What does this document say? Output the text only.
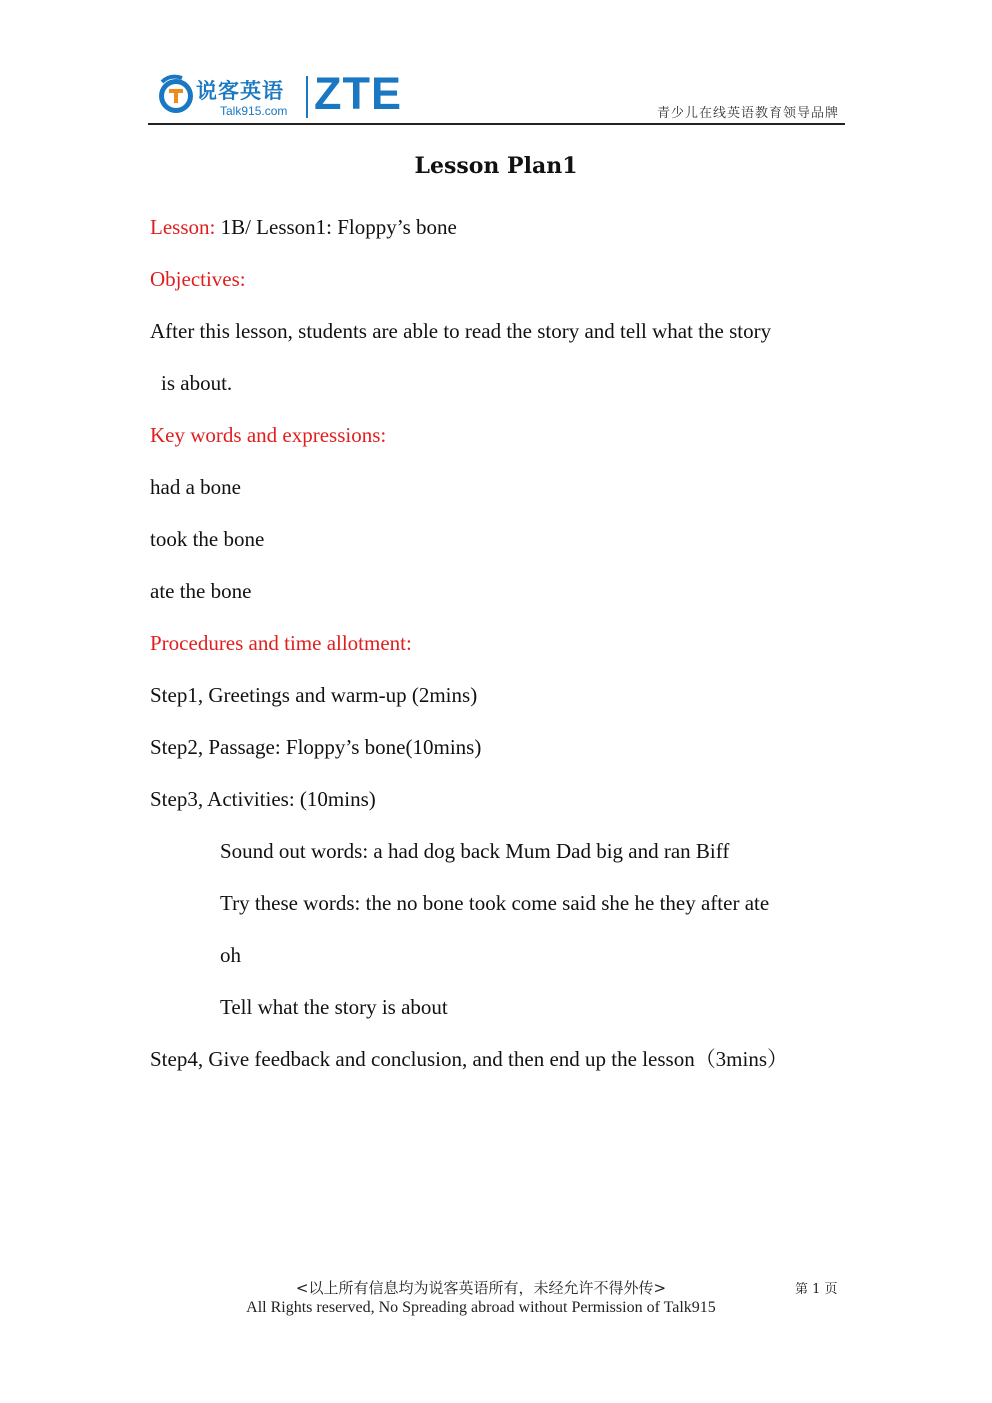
说客英语
Talk915.com ZTE	青少儿在线英语教育领导品牌
Lesson Plan1
Lesson: 1B/ Lesson1: Floppy’s bone
Objectives:
After this lesson, students are able to read the story and tell what the story
is about.
Key words and expressions:
had a bone
took the bone
ate the bone
Procedures and time allotment:
Step1, Greetings and warm-up (2mins)
Step2, Passage: Floppy’s bone(10mins)
Step3, Activities: (10mins)
Sound out words: a had dog back Mum Dad big and ran Biff
Try these words: the no bone took come said she he they after ate
oh
Tell what the story is about
Step4, Give feedback and conclusion, and then end up the lesson（3mins）
<以上所有信息均为说客英语所有，未经允许不得外传>
All Rights reserved, No Spreading abroad without Permission of Talk915
第 1 页
